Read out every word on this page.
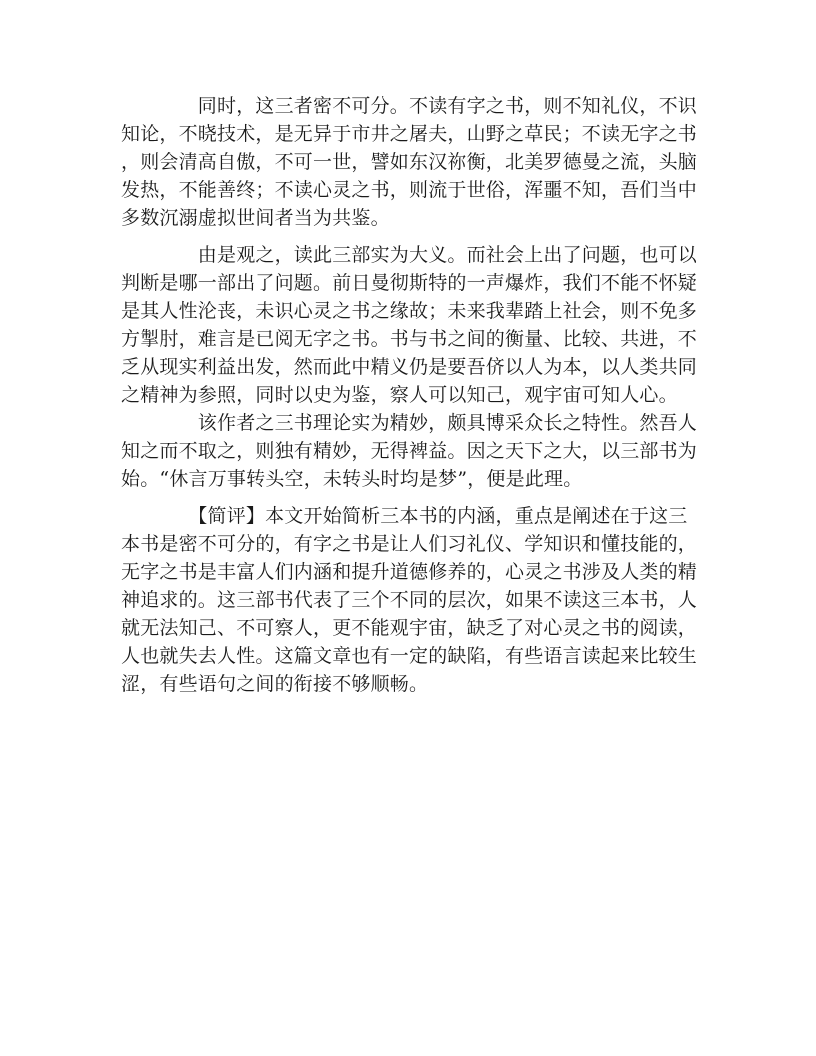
　　　　同时，这三者密不可分。不读有字之书，则不知礼仪，不识
知论，不晓技术，是无异于市井之屠夫，山野之草民；不读无字之书
，则会清高自傲，不可一世，譬如东汉祢衡，北美罗德曼之流，头脑
发热，不能善终；不读心灵之书，则流于世俗，浑噩不知，吾们当中
多数沉溺虚拟世间者当为共鉴。
　　　　由是观之，读此三部实为大义。而社会上出了问题，也可以
判断是哪一部出了问题。前日曼彻斯特的一声爆炸，我们不能不怀疑
是其人性沦丧，未识心灵之书之缘故；未来我辈踏上社会，则不免多
方掣肘，难言是已阅无字之书。书与书之间的衡量、比较、共进，不
乏从现实利益出发，然而此中精义仍是要吾侪以人为本，以人类共同
之精神为参照，同时以史为鉴，察人可以知己，观宇宙可知人心。
　　　　该作者之三书理论实为精妙，颇具博采众长之特性。然吾人
知之而不取之，则独有精妙，无得裨益。因之天下之大，以三部书为
始。“休言万事转头空，未转头时均是梦”，便是此理。
　　　　【简评】本文开始简析三本书的内涵，重点是阐述在于这三
本书是密不可分的，有字之书是让人们习礼仪、学知识和懂技能的，
无字之书是丰富人们内涵和提升道德修养的，心灵之书涉及人类的精
神追求的。这三部书代表了三个不同的层次，如果不读这三本书，人
就无法知己、不可察人，更不能观宇宙，缺乏了对心灵之书的阅读，
人也就失去人性。这篇文章也有一定的缺陷，有些语言读起来比较生
涩，有些语句之间的衔接不够顺畅。
